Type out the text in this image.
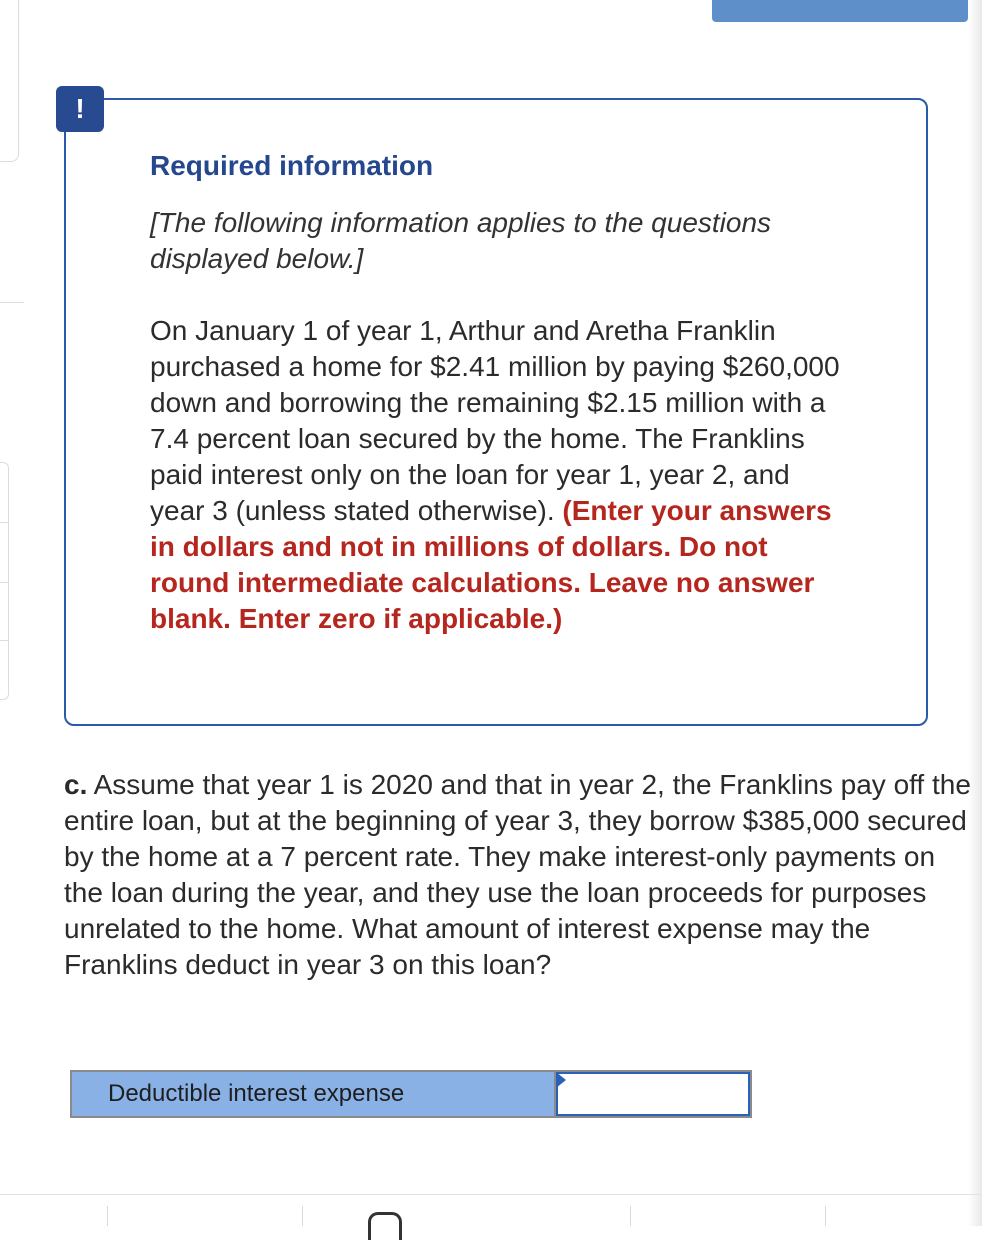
!
Required information
[The following information applies to the questions displayed below.]
On January 1 of year 1, Arthur and Aretha Franklin purchased a home for $2.41 million by paying $260,000 down and borrowing the remaining $2.15 million with a 7.4 percent loan secured by the home. The Franklins paid interest only on the loan for year 1, year 2, and year 3 (unless stated otherwise). (Enter your answers in dollars and not in millions of dollars. Do not round intermediate calculations. Leave no answer blank. Enter zero if applicable.)
c. Assume that year 1 is 2020 and that in year 2, the Franklins pay off the entire loan, but at the beginning of year 3, they borrow $385,000 secured by the home at a 7 percent rate. They make interest-only payments on the loan during the year, and they use the loan proceeds for purposes unrelated to the home. What amount of interest expense may the Franklins deduct in year 3 on this loan?
Deductible interest expense
